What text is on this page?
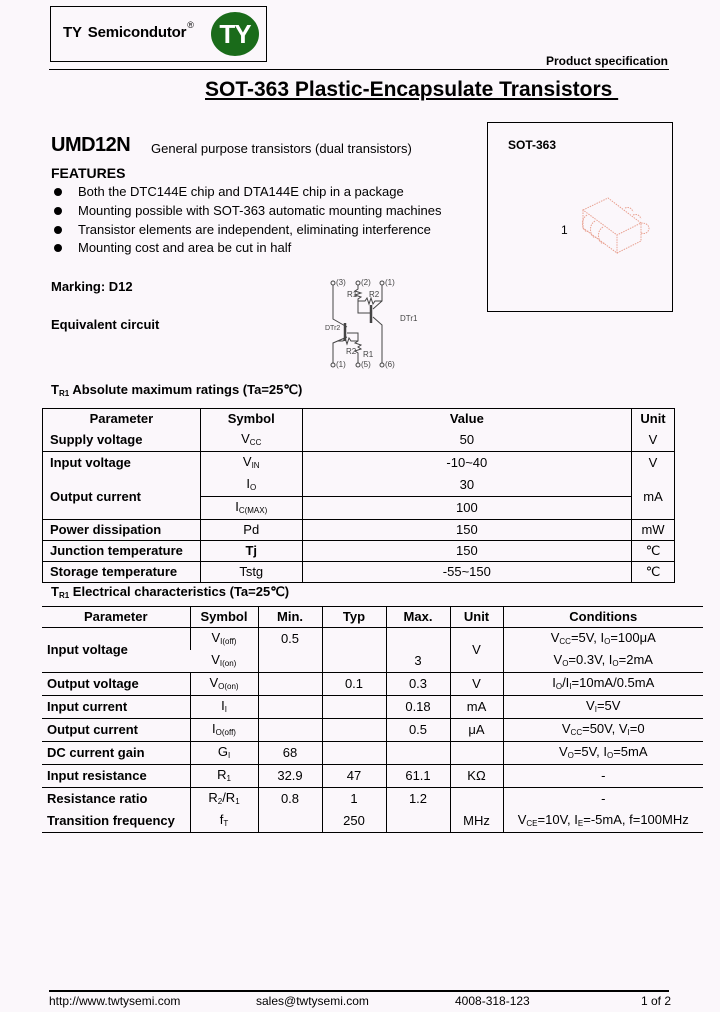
TY Semicondutor® TY
Product specification
SOT-363 Plastic-Encapsulate Transistors
UMD12N General purpose transistors (dual transistors)
FEATURES
Both the DTC144E chip and DTA144E chip in a package
Mounting possible with SOT-363 automatic mounting machines
Transistor elements are independent, eliminating interference
Mounting cost and area be cut in half
Marking: D12
Equivalent circuit
SOT-363
1
(3) (2) (1)
R1 R2
DTr1
DTr2
R2 R1
(1) (5) (6)
$T_{R1}$ Absolute maximum ratings (Ta=25℃)
Parameter	Symbol	Value	Unit
Supply voltage	$V_{CC}$	50	V
Input voltage	$V_{IN}$	-10~40	V
Output current	$I_O$	30	mA
	$I_{C(MAX)}$	100	
Power dissipation	Pd	150	mW
Junction temperature	Tj	150	℃
Storage temperature	Tstg	-55~150	℃
$T_{R1}$ Electrical characteristics (Ta=25℃)
Parameter	Symbol	Min.	Typ	Max.	Unit	Conditions
Input voltage	$V_{I(off)}$	0.5			V	$V_{CC}=5V$, $I_O=100\mu A$
	$V_{I(on)}$			3		$V_O=0.3V$, $I_O=2mA$
Output voltage	$V_{O(on)}$		0.1	0.3	V	$I_O/I_I=10mA/0.5mA$
Input current	$I_I$			0.18	mA	$V_I=5V$
Output current	$I_{O(off)}$			0.5	μA	$V_{CC}=50V$, $V_I=0$
DC current gain	$G_I$	68				$V_O=5V$, $I_O=5mA$
Input resistance	$R_1$	32.9	47	61.1	KΩ	-
Resistance ratio	$R_2/R_1$	0.8	1	1.2		-
Transition frequency	$f_T$		250		MHz	$V_{CE}=10V$, $I_E=-5mA$, f=100MHz
http://www.twtysemi.com	sales@twtysemi.com	4008-318-123	1 of 2
